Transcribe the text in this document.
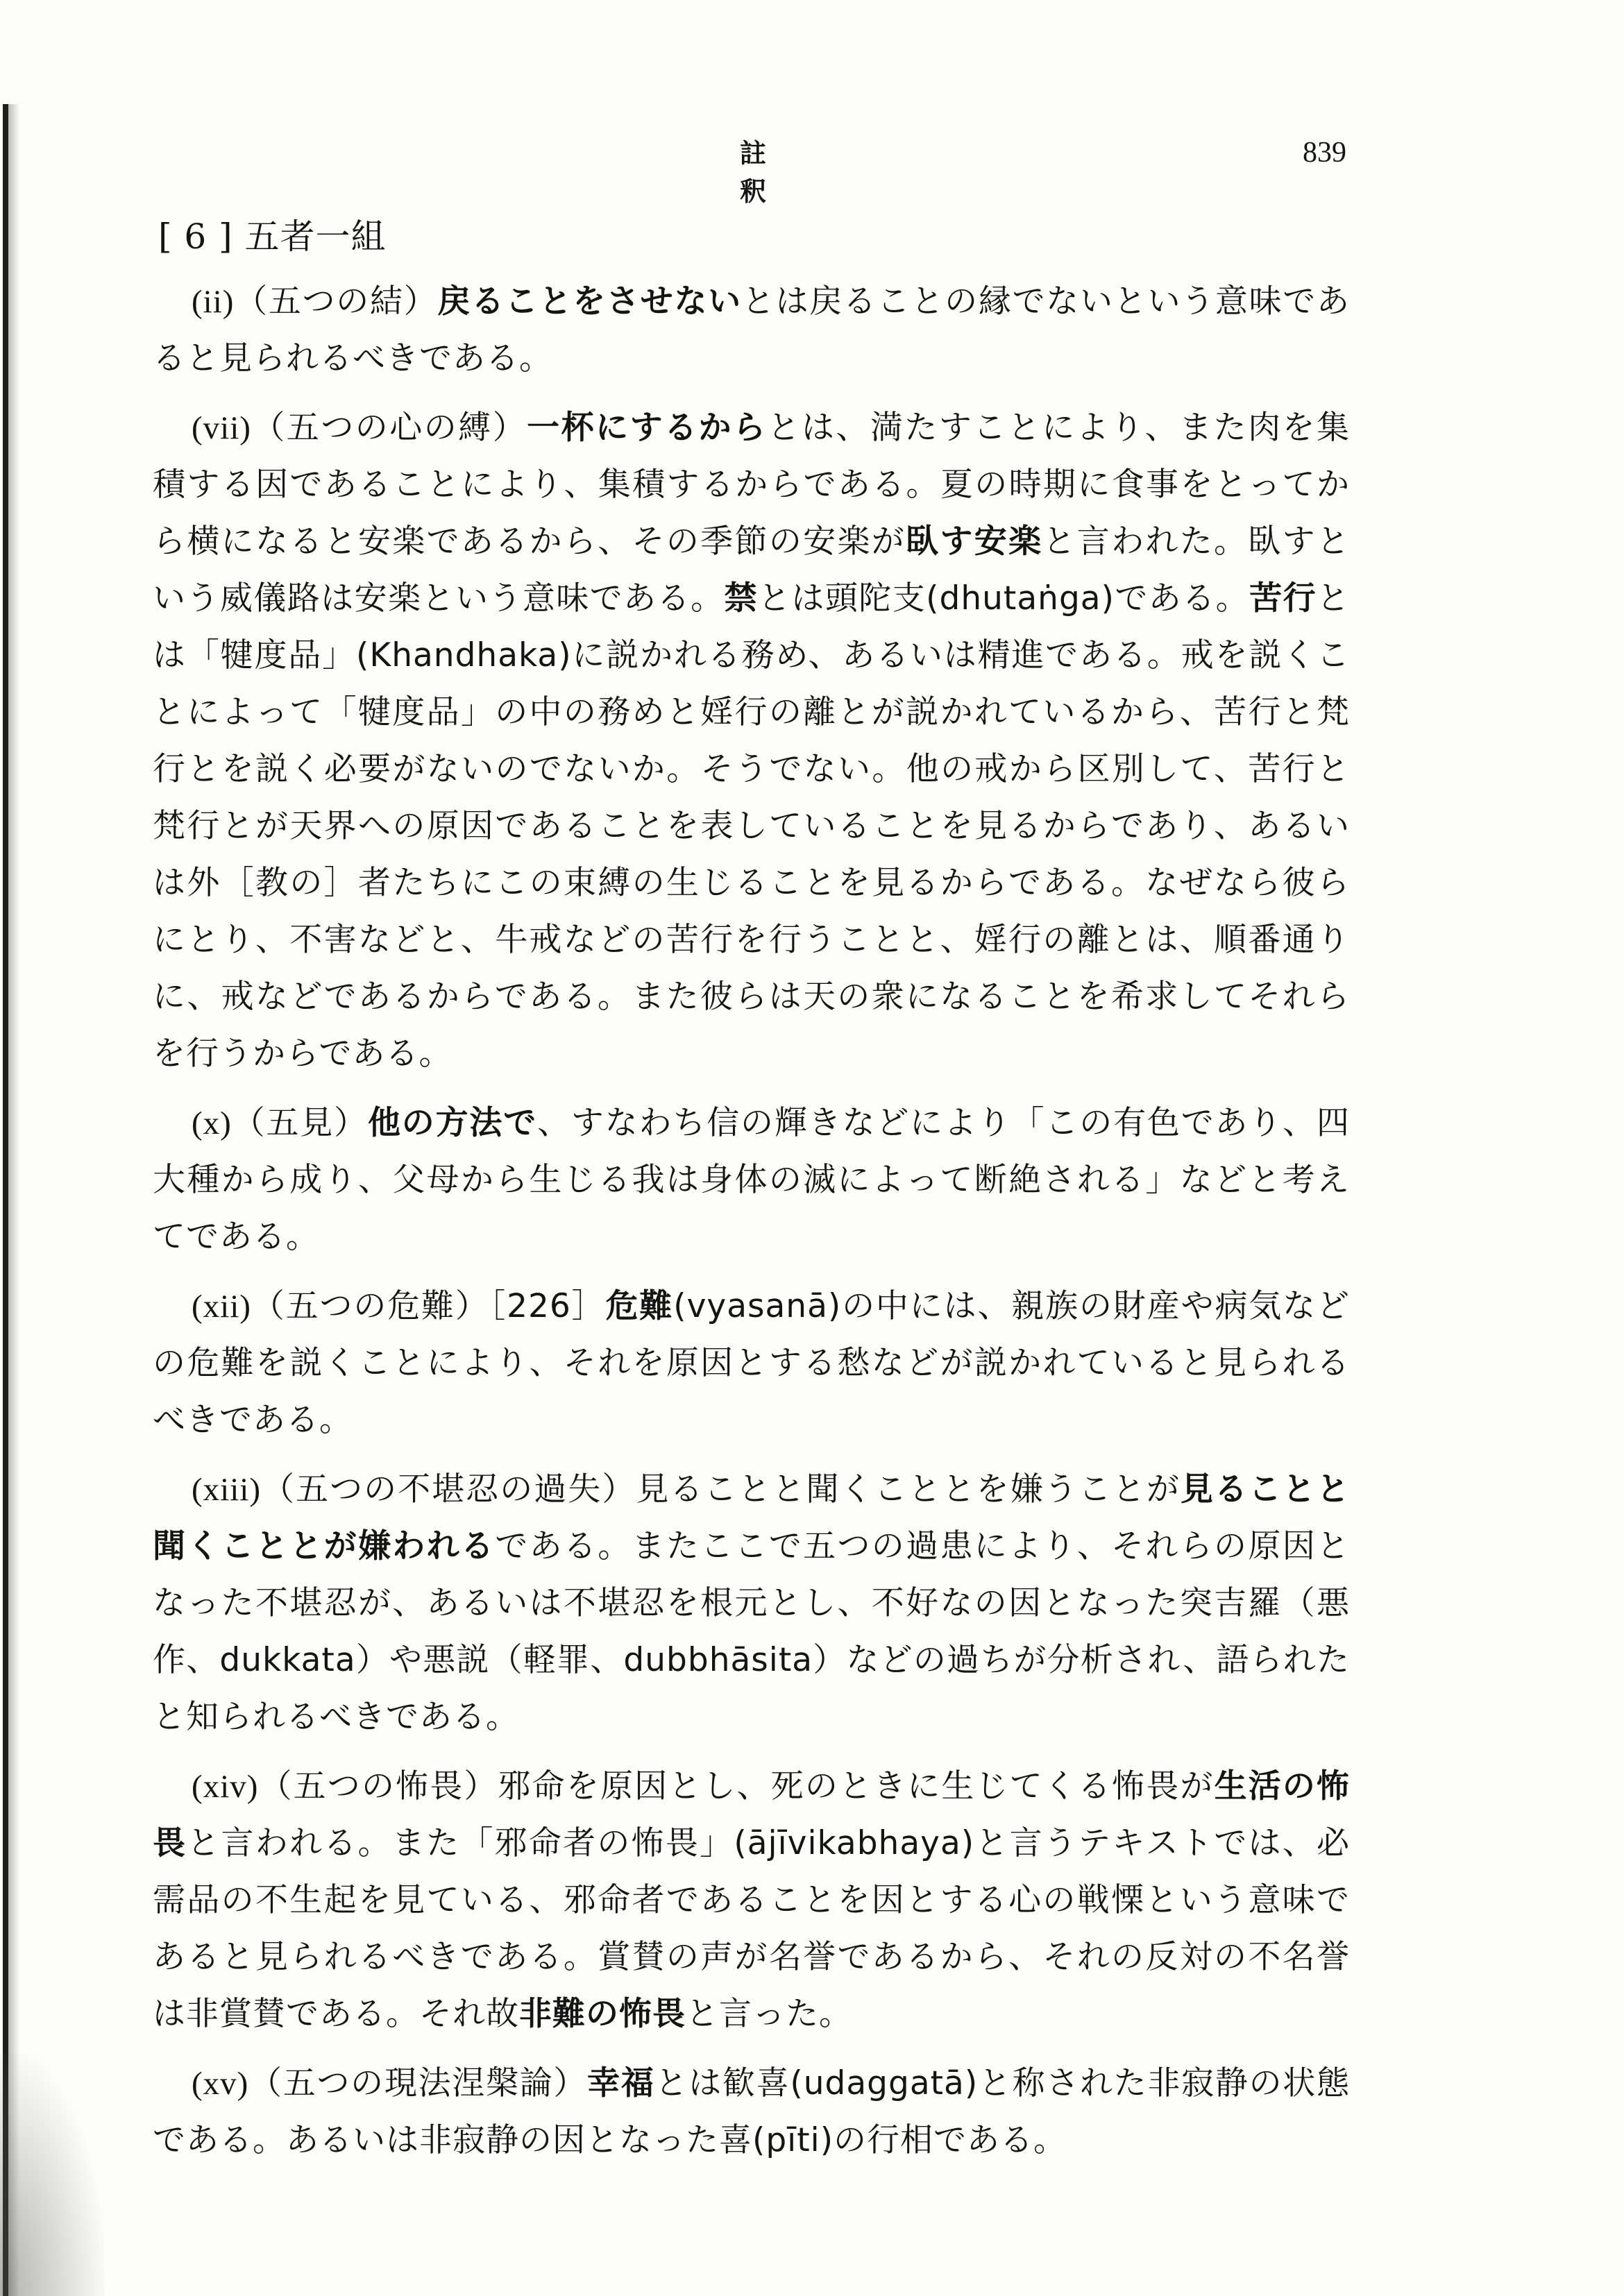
註 釈
839
[ 6 ] 五者一組

(ii)（五つの結）戻ることをさせないとは戻ることの縁でないという意味であると見られるべきである。

(vii)（五つの心の縛）一杯にするからとは、満たすことにより、また肉を集積する因であることにより、集積するからである。夏の時期に食事をとってから横になると安楽であるから、その季節の安楽が臥す安楽と言われた。臥すという威儀路は安楽という意味である。禁とは頭陀支(dhutaṅga)である。苦行とは「犍度品」(Khandhaka)に説かれる務め、あるいは精進である。戒を説くことによって「犍度品」の中の務めと婬行の離とが説かれているから、苦行と梵行とを説く必要がないのでないか。そうでない。他の戒から区別して、苦行と梵行とが天界への原因であることを表していることを見るからであり、あるいは外［教の］者たちにこの束縛の生じることを見るからである。なぜなら彼らにとり、不害などと、牛戒などの苦行を行うことと、婬行の離とは、順番通りに、戒などであるからである。また彼らは天の衆になることを希求してそれらを行うからである。

(x)（五見）他の方法で、すなわち信の輝きなどにより「この有色であり、四大種から成り、父母から生じる我は身体の滅によって断絶される」などと考えてである。

(xii)（五つの危難）［226］危難(vyasanā)の中には、親族の財産や病気などの危難を説くことにより、それを原因とする愁などが説かれていると見られるべきである。

(xiii)（五つの不堪忍の過失）見ることと聞くこととを嫌うことが見ることと聞くこととが嫌われるである。またここで五つの過患により、それらの原因となった不堪忍が、あるいは不堪忍を根元とし、不好なの因となった突吉羅（悪作、dukkata）や悪説（軽罪、dubbhāsita）などの過ちが分析され、語られたと知られるべきである。

(xiv)（五つの怖畏）邪命を原因とし、死のときに生じてくる怖畏が生活の怖畏と言われる。また「邪命者の怖畏」(ājīvikabhaya)と言うテキストでは、必需品の不生起を見ている、邪命者であることを因とする心の戦慄という意味であると見られるべきである。賞賛の声が名誉であるから、それの反対の不名誉は非賞賛である。それ故非難の怖畏と言った。

(xv)（五つの現法涅槃論）幸福とは歓喜(udaggatā)と称された非寂静の状態である。あるいは非寂静の因となった喜(pīti)の行相である。
